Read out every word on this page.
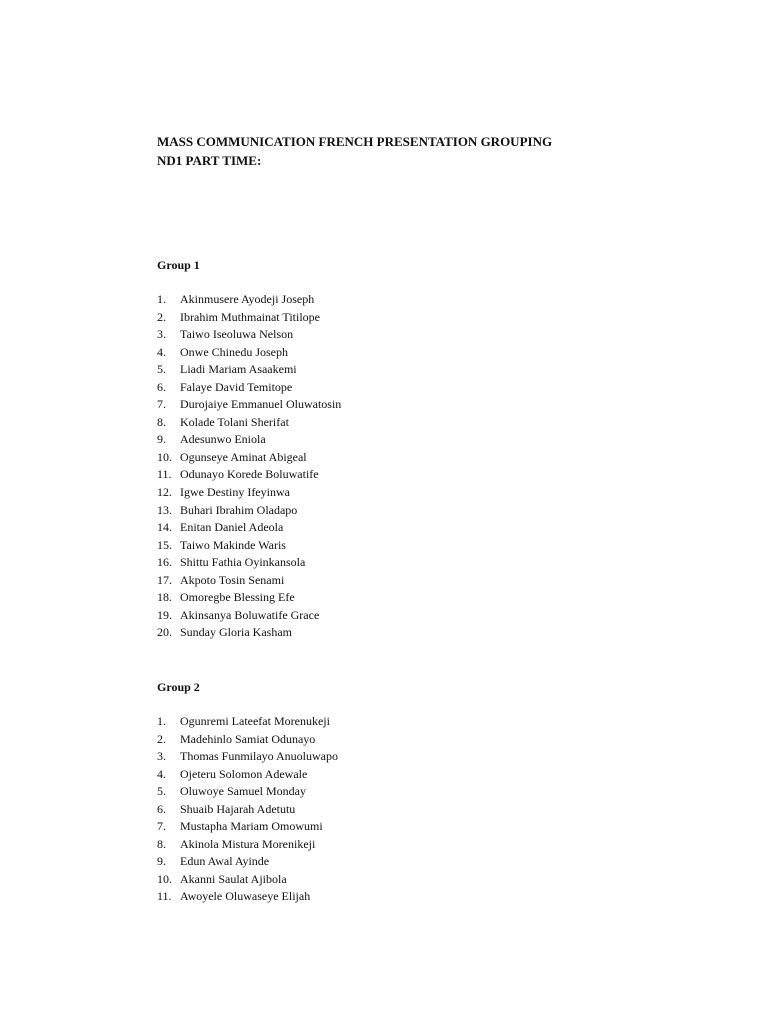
MASS COMMUNICATION FRENCH PRESENTATION GROUPING
ND1 PART TIME:
Group 1
1. Akinmusere Ayodeji Joseph
2. Ibrahim Muthmainat Titilope
3. Taiwo Iseoluwa Nelson
4. Onwe Chinedu Joseph
5. Liadi Mariam Asaakemi
6. Falaye David Temitope
7. Durojaiye Emmanuel Oluwatosin
8. Kolade Tolani Sherifat
9. Adesunwo Eniola
10. Ogunseye Aminat Abigeal
11. Odunayo Korede Boluwatife
12. Igwe Destiny Ifeyinwa
13. Buhari Ibrahim Oladapo
14. Enitan Daniel Adeola
15. Taiwo Makinde Waris
16. Shittu Fathia Oyinkansola
17. Akpoto Tosin Senami
18. Omoregbe Blessing Efe
19. Akinsanya Boluwatife Grace
20. Sunday Gloria Kasham
Group 2
1. Ogunremi Lateefat Morenukeji
2. Madehinlo Samiat Odunayo
3. Thomas Funmilayo Anuoluwapo
4. Ojeteru Solomon Adewale
5. Oluwoye Samuel Monday
6. Shuaib Hajarah Adetutu
7. Mustapha Mariam Omowumi
8. Akinola Mistura Morenikeji
9. Edun Awal Ayinde
10. Akanni Saulat Ajibola
11. Awoyele Oluwaseye Elijah
